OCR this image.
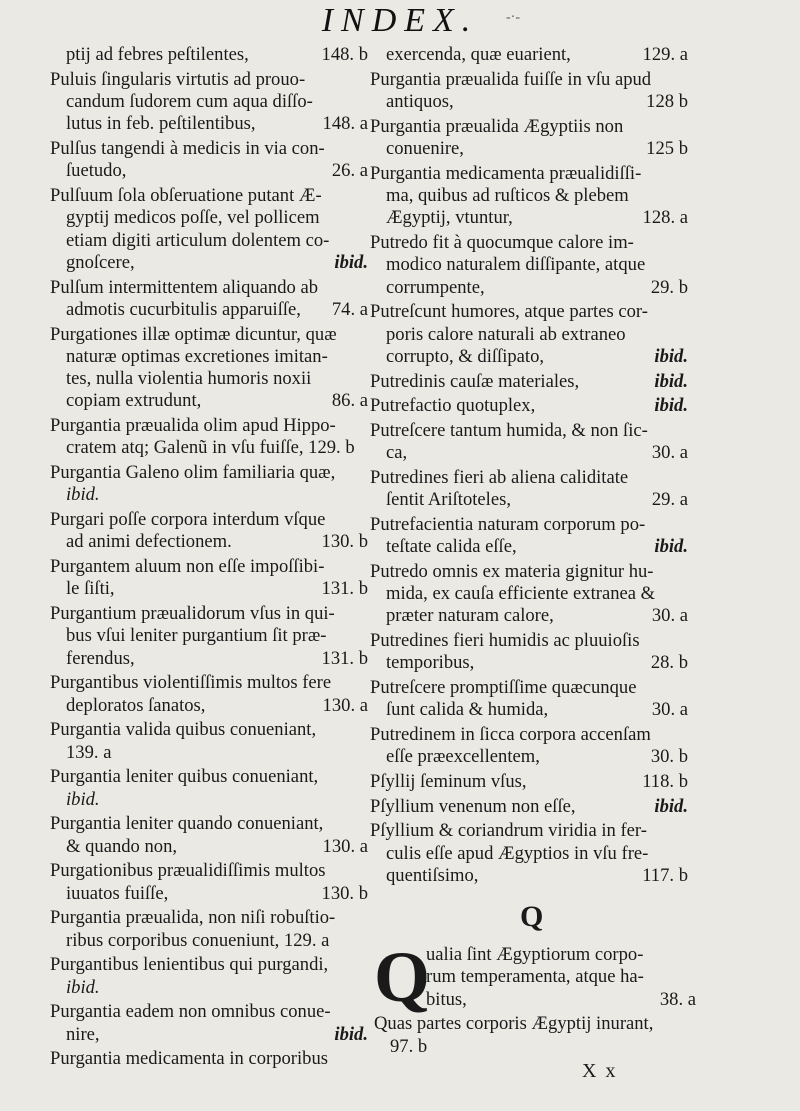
INDEX. -·-
ptij ad febres peſtilentes,	148. b
Puluis ſingularis virtutis ad prouo-
candum ſudorem cum aqua diſſo-
lutus in feb. peſtilentibus,	148. a
Pulſus tangendi à medicis in via con-
ſuetudo,	26. a
Pulſuum ſola obſeruatione putant Æ-
gyptij medicos poſſe, vel pollicem
etiam digiti articulum dolentem co-
gnoſcere,	ibid.
Pulſum intermittentem aliquando ab
admotis cucurbitulis apparuiſſe,	74. a
Purgationes illæ optimæ dicuntur, quæ
naturæ optimas excretiones imitan-
tes, nulla violentia humoris noxii
copiam extrudunt,	86. a
Purgantia præualida olim apud Hippo-
cratem atq; Galenũ in vſu fuiſſe, 129. b
Purgantia Galeno olim familiaria quæ,
ibid.
Purgari poſſe corpora interdum vſque
ad animi defectionem.	130. b
Purgantem aluum non eſſe impoſſibi-
le ſiſti,	131. b
Purgantium præualidorum vſus in qui-
bus vſui leniter purgantium ſit præ-
ferendus,	131. b
Purgantibus violentiſſimis multos fere
deploratos ſanatos,	130. a
Purgantia valida quibus conueniant,
139. a
Purgantia leniter quibus conueniant,
ibid.
Purgantia leniter quando conueniant,
& quando non,	130. a
Purgationibus præualidiſſimis multos
iuuatos fuiſſe,	130. b
Purgantia præualida, non niſi robuſtio-
ribus corporibus conueniunt, 129. a
Purgantibus lenientibus qui purgandi,
ibid.
Purgantia eadem non omnibus conue-
nire,	ibid.
Purgantia medicamenta in corporibus
exercenda, quæ euarient,	129. a
Purgantia præualida fuiſſe in vſu apud
antiquos,	128 b
Purgantia præualida Ægyptiis non
conuenire,	125 b
Purgantia medicamenta præualidiſſi-
ma, quibus ad ruſticos & plebem
Ægyptij, vtuntur,	128. a
Putredo fit à quocumque calore im-
modico naturalem diſſipante, atque
corrumpente,	29. b
Putreſcunt humores, atque partes cor-
poris calore naturali ab extraneo
corrupto, & diſſipato,	ibid.
Putredinis cauſæ materiales,	ibid.
Putrefactio quotuplex,	ibid.
Putreſcere tantum humida, & non ſic-
ca,	30. a
Putredines fieri ab aliena caliditate
ſentit Ariſtoteles,	29. a
Putrefacientia naturam corporum po-
teſtate calida eſſe,	ibid.
Putredo omnis ex materia gignitur hu-
mida, ex cauſa efficiente extranea &
præter naturam calore,	30. a
Putredines fieri humidis ac pluuioſis
temporibus,	28. b
Putreſcere promptiſſime quæcunque
ſunt calida & humida,	30. a
Putredinem in ſicca corpora accenſam
eſſe præexcellentem,	30. b
Pſyllij ſeminum vſus,	118. b
Pſyllium venenum non eſſe,	ibid.
Pſyllium & coriandrum viridia in fer-
culis eſſe apud Ægyptios in vſu fre-
quentiſsimo,	117. b
Q
Q
ualia ſint Ægyptiorum corpo-
rum temperamenta, atque ha-
bitus,	38. a
Quas partes corporis Ægyptij inurant,
97. b
X x
